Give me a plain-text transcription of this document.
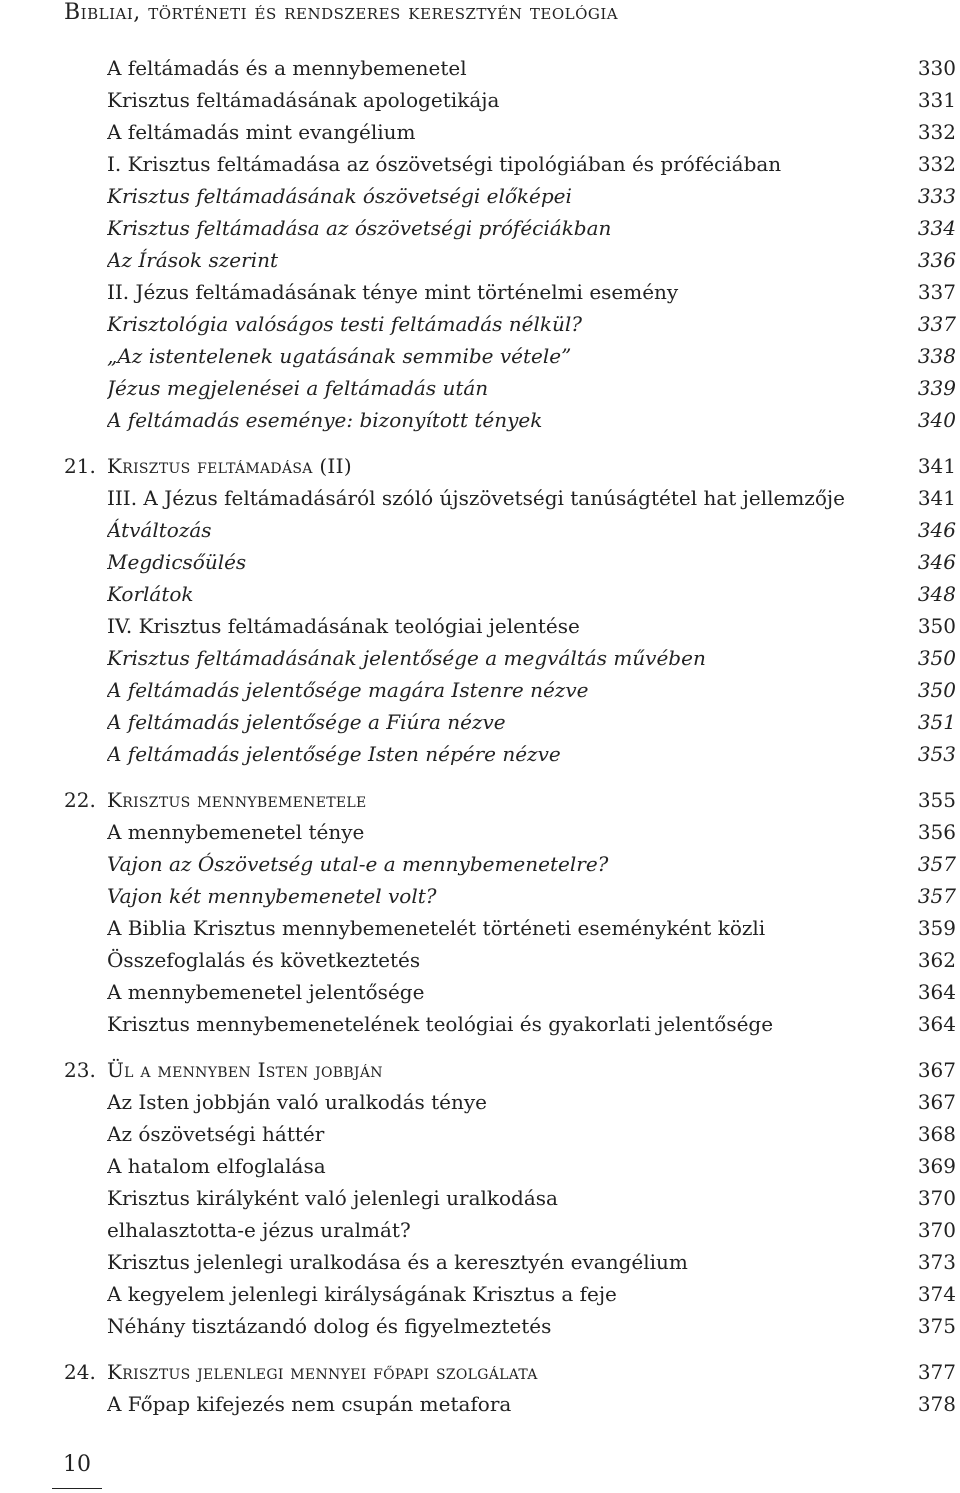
Bibliai, történeti és rendszeres keresztyén teológia
A feltámadás és a mennybemenetel	330
Krisztus feltámadásának apologetikája	331
A feltámadás mint evangélium	332
I. Krisztus feltámadása az ószövetségi tipológiában és próféciában	332
Krisztus feltámadásának ószövetségi előképei	333
Krisztus feltámadása az ószövetségi próféciákban	334
Az Írások szerint	336
II. Jézus feltámadásának ténye mint történelmi esemény	337
Krisztológia valóságos testi feltámadás nélkül?	337
„Az istentelenek ugatásának semmibe vétele”	338
Jézus megjelenései a feltámadás után	339
A feltámadás eseménye: bizonyított tények	340
21. Krisztus feltámadása (II)	341
III. A Jézus feltámadásáról szóló újszövetségi tanúságtétel hat jellemzője	341
Átváltozás	346
Megdicsőülés	346
Korlátok	348
IV. Krisztus feltámadásának teológiai jelentése	350
Krisztus feltámadásának jelentősége a megváltás művében	350
A feltámadás jelentősége magára Istenre nézve	350
A feltámadás jelentősége a Fiúra nézve	351
A feltámadás jelentősége Isten népére nézve	353
22. Krisztus mennybemenetele	355
A mennybemenetel ténye	356
Vajon az Ószövetség utal-e a mennybemenetelre?	357
Vajon két mennybemenetel volt?	357
A Biblia Krisztus mennybemenetelét történeti eseményként közli	359
Összefoglalás és következtetés	362
A mennybemenetel jelentősége	364
Krisztus mennybemenetelének teológiai és gyakorlati jelentősége	364
23. Ül a mennyben Isten jobbján	367
Az Isten jobbján való uralkodás ténye	367
Az ószövetségi háttér	368
A hatalom elfoglalása	369
Krisztus királyként való jelenlegi uralkodása	370
elhalasztotta-e jézus uralmát?	370
Krisztus jelenlegi uralkodása és a keresztyén evangélium	373
A kegyelem jelenlegi királyságának Krisztus a feje	374
Néhány tisztázandó dolog és figyelmeztetés	375
24. Krisztus jelenlegi mennyei főpapi szolgálata	377
A Főpap kifejezés nem csupán metafora	378
10
